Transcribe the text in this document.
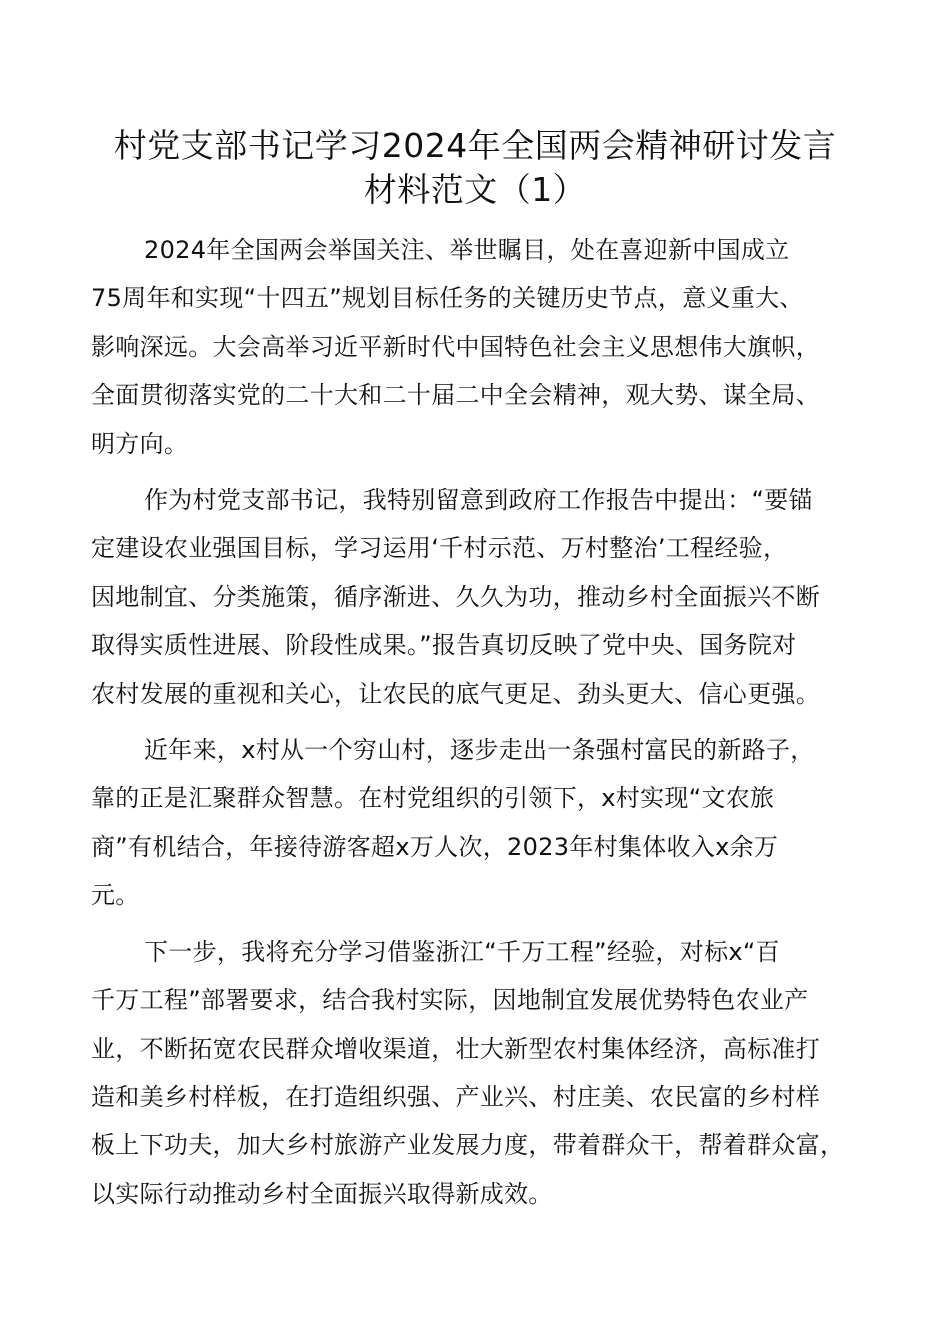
村党支部书记学习2024年全国两会精神研讨发言
材料范文（1）

2024年全国两会举国关注、举世瞩目，处在喜迎新中国成立
75周年和实现“十四五”规划目标任务的关键历史节点，意义重大、
影响深远。大会高举习近平新时代中国特色社会主义思想伟大旗帜，
全面贯彻落实党的二十大和二十届二中全会精神，观大势、谋全局、
明方向。

作为村党支部书记，我特别留意到政府工作报告中提出：“要锚
定建设农业强国目标，学习运用‘千村示范、万村整治’工程经验，
因地制宜、分类施策，循序渐进、久久为功，推动乡村全面振兴不断
取得实质性进展、阶段性成果。”报告真切反映了党中央、国务院对
农村发展的重视和关心，让农民的底气更足、劲头更大、信心更强。

近年来，x村从一个穷山村，逐步走出一条强村富民的新路子，
靠的正是汇聚群众智慧。在村党组织的引领下，x村实现“文农旅
商”有机结合，年接待游客超x万人次，2023年村集体收入x余万
元。

下一步，我将充分学习借鉴浙江“千万工程”经验，对标x“百
千万工程”部署要求，结合我村实际，因地制宜发展优势特色农业产
业，不断拓宽农民群众增收渠道，壮大新型农村集体经济，高标准打
造和美乡村样板，在打造组织强、产业兴、村庄美、农民富的乡村样
板上下功夫，加大乡村旅游产业发展力度，带着群众干，帮着群众富，
以实际行动推动乡村全面振兴取得新成效。
